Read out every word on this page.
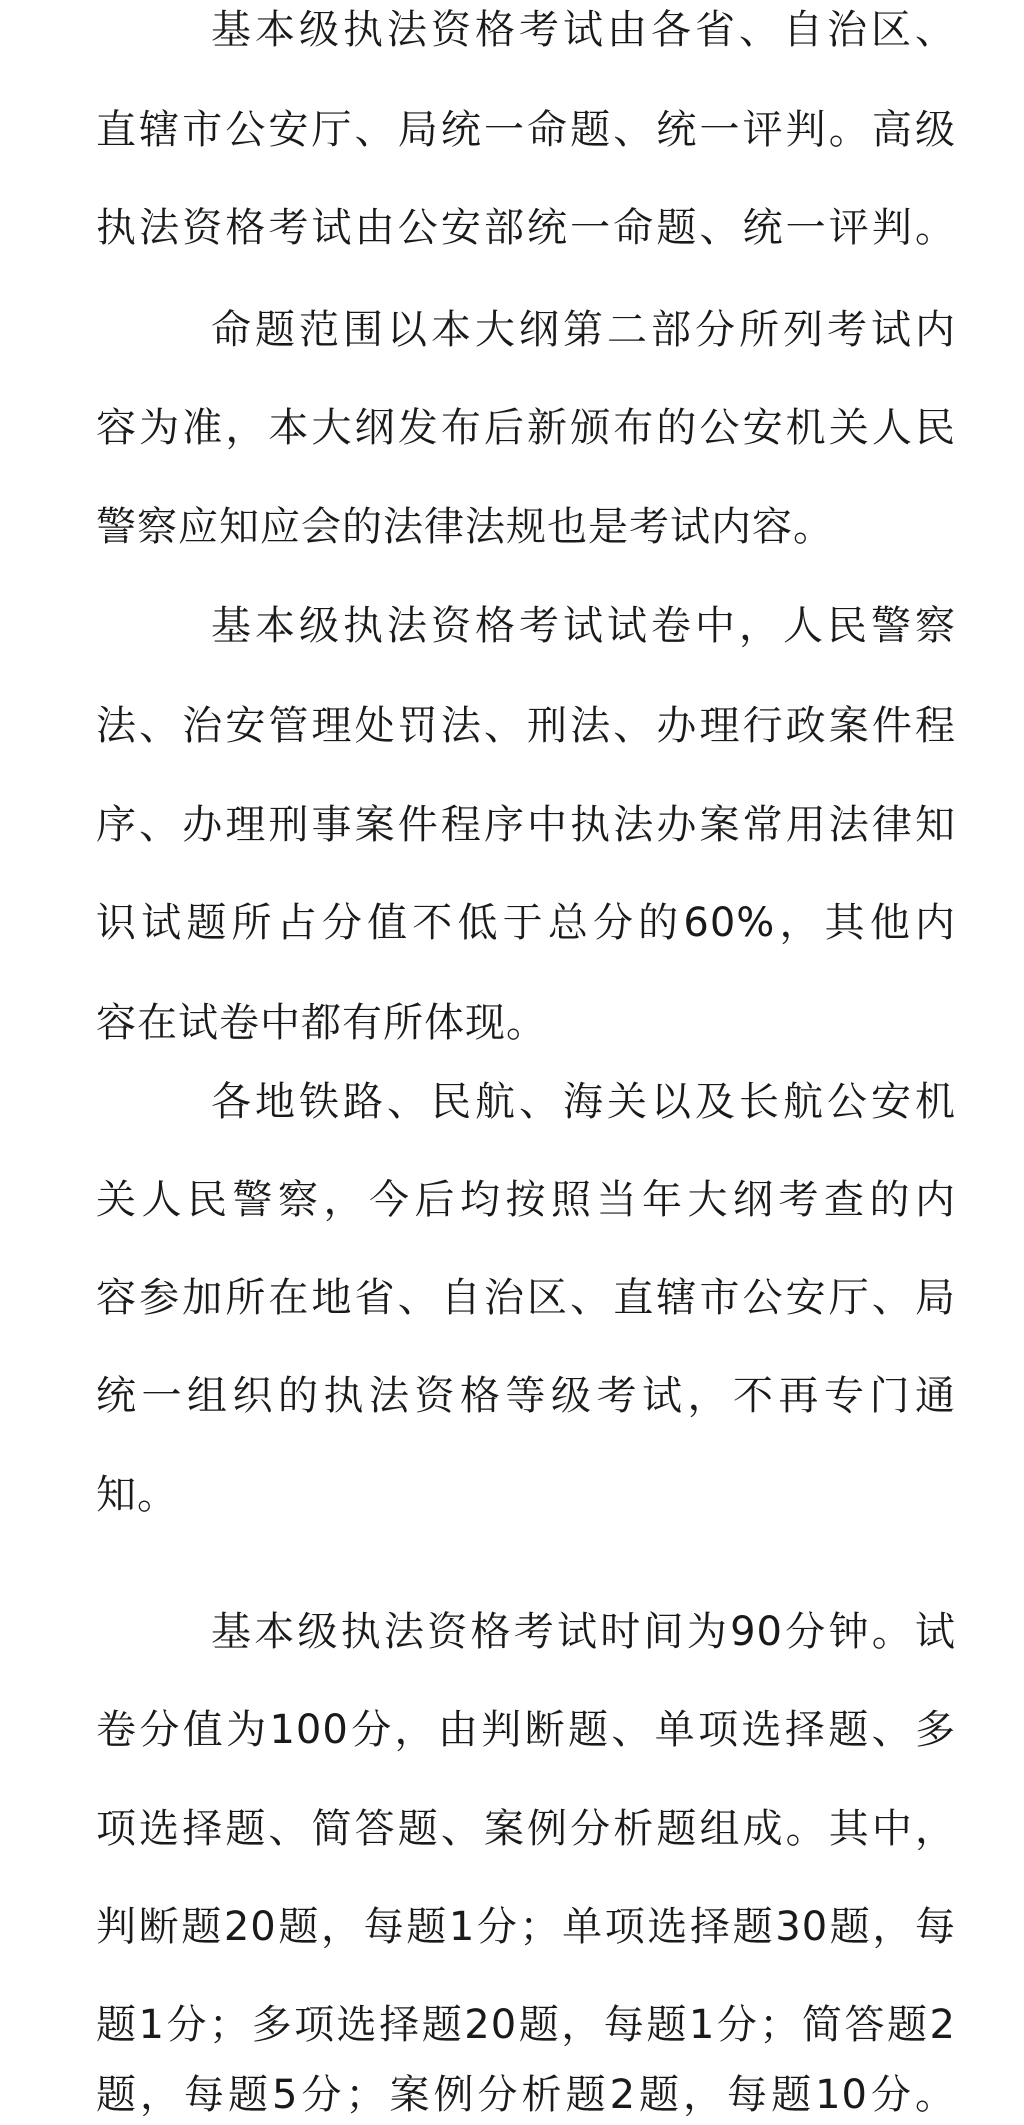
基本级执法资格考试由各省、自治区、
直辖市公安厅、局统一命题、统一评判。高级
执法资格考试由公安部统一命题、统一评判。
命题范围以本大纲第二部分所列考试内
容为准，本大纲发布后新颁布的公安机关人民
警察应知应会的法律法规也是考试内容。
基本级执法资格考试试卷中，人民警察
法、治安管理处罚法、刑法、办理行政案件程
序、办理刑事案件程序中执法办案常用法律知
识试题所占分值不低于总分的60%，其他内
容在试卷中都有所体现。
各地铁路、民航、海关以及长航公安机
关人民警察，今后均按照当年大纲考查的内
容参加所在地省、自治区、直辖市公安厅、局
统一组织的执法资格等级考试，不再专门通
知。
基本级执法资格考试时间为90分钟。试
卷分值为100分，由判断题、单项选择题、多
项选择题、简答题、案例分析题组成。其中，
判断题20题，每题1分；单项选择题30题，每
题1分；多项选择题20题，每题1分；简答题2
题，每题5分；案例分析题2题，每题10分。
